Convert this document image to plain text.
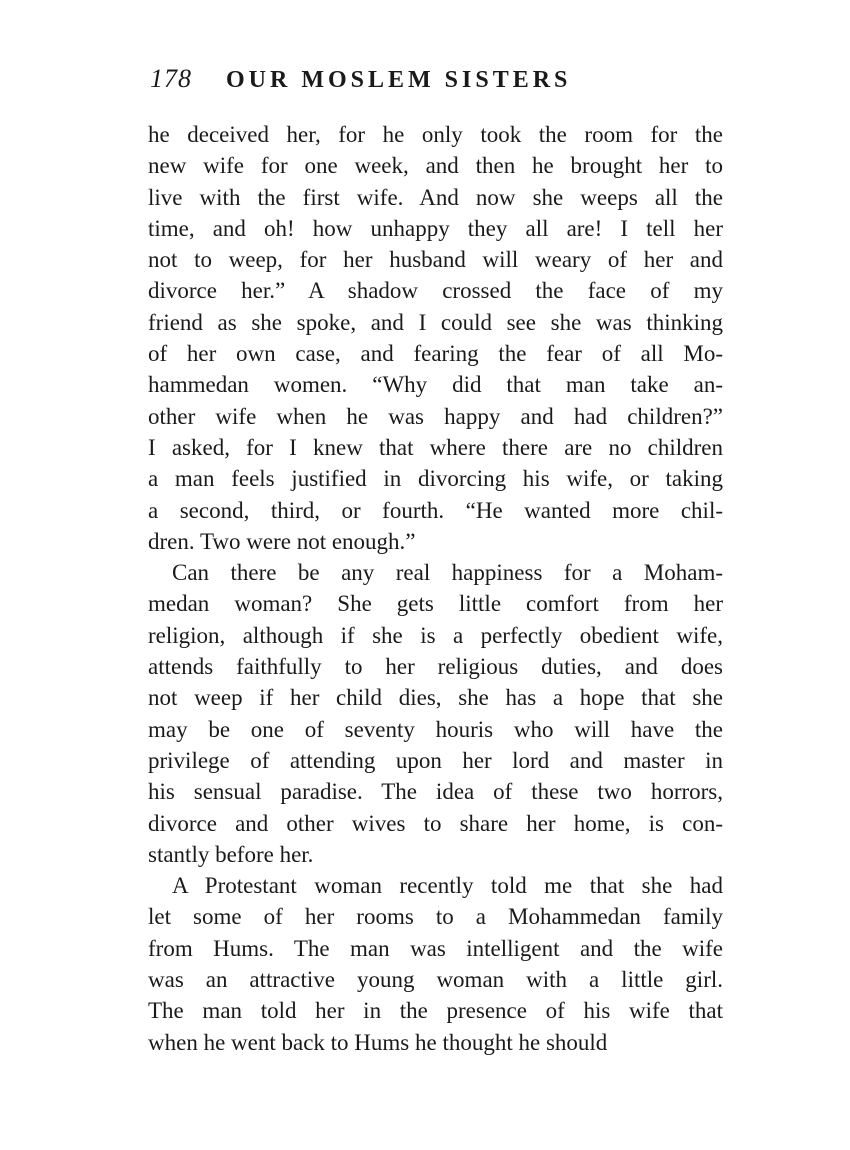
178 OUR MOSLEM SISTERS
he deceived her, for he only took the room for the
new wife for one week, and then he brought her to
live with the first wife. And now she weeps all the
time, and oh! how unhappy they all are! I tell her
not to weep, for her husband will weary of her and
divorce her.” A shadow crossed the face of my
friend as she spoke, and I could see she was thinking
of her own case, and fearing the fear of all Mo-
hammedan women. “Why did that man take an-
other wife when he was happy and had children?”
I asked, for I knew that where there are no children
a man feels justified in divorcing his wife, or taking
a second, third, or fourth. “He wanted more chil-
dren. Two were not enough.”
Can there be any real happiness for a Moham-
medan woman? She gets little comfort from her
religion, although if she is a perfectly obedient wife,
attends faithfully to her religious duties, and does
not weep if her child dies, she has a hope that she
may be one of seventy houris who will have the
privilege of attending upon her lord and master in
his sensual paradise. The idea of these two horrors,
divorce and other wives to share her home, is con-
stantly before her.
A Protestant woman recently told me that she had
let some of her rooms to a Mohammedan family
from Hums. The man was intelligent and the wife
was an attractive young woman with a little girl.
The man told her in the presence of his wife that
when he went back to Hums he thought he should
